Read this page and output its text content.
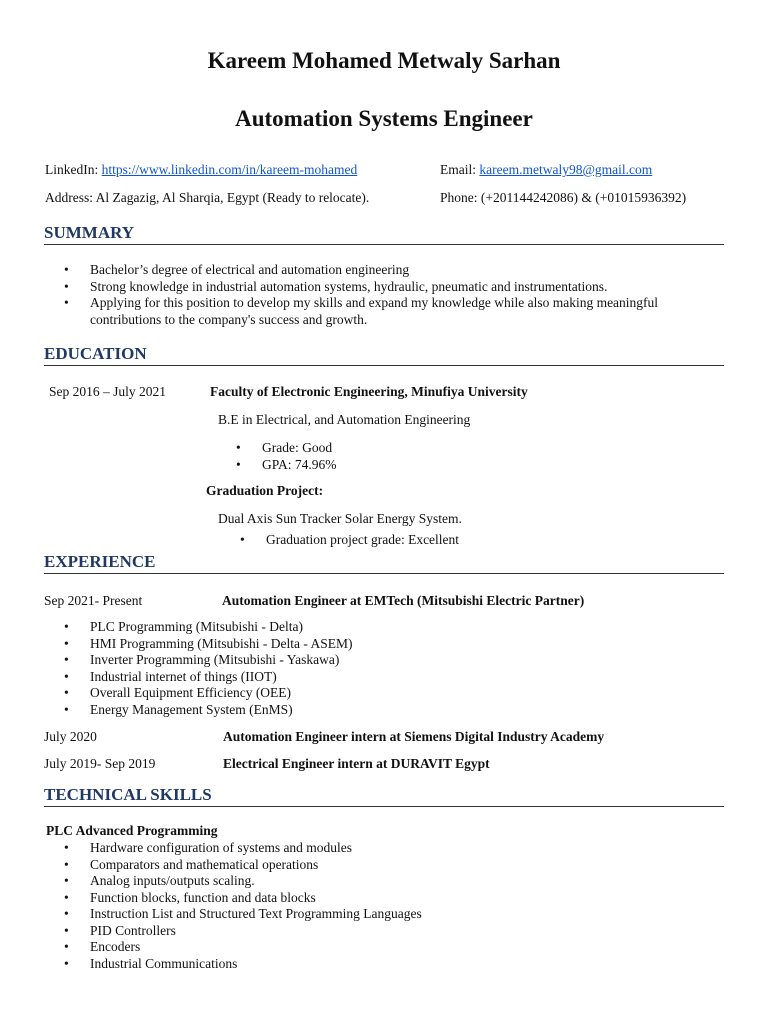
Kareem Mohamed Metwaly Sarhan
Automation Systems Engineer
LinkedIn: https://www.linkedin.com/in/kareem-mohamed	Email: kareem.metwaly98@gmail.com
Address: Al Zagazig, Al Sharqia, Egypt (Ready to relocate).	Phone: (+201144242086) & (+01015936392)
SUMMARY
•	Bachelor’s degree of electrical and automation engineering
•	Strong knowledge in industrial automation systems, hydraulic, pneumatic and instrumentations.
•	Applying for this position to develop my skills and expand my knowledge while also making meaningful contributions to the company's success and growth.
EDUCATION
Sep 2016 – July 2021	Faculty of Electronic Engineering, Minufiya University
B.E in Electrical, and Automation Engineering
•	Grade: Good
•	GPA: 74.96%
Graduation Project:
Dual Axis Sun Tracker Solar Energy System.
•	Graduation project grade: Excellent
EXPERIENCE
Sep 2021- Present	Automation Engineer at EMTech (Mitsubishi Electric Partner)
•	PLC Programming (Mitsubishi - Delta)
•	HMI Programming (Mitsubishi - Delta - ASEM)
•	Inverter Programming (Mitsubishi - Yaskawa)
•	Industrial internet of things (IIOT)
•	Overall Equipment Efficiency (OEE)
•	Energy Management System (EnMS)
July 2020	Automation Engineer intern at Siemens Digital Industry Academy
July 2019- Sep 2019	Electrical Engineer intern at DURAVIT Egypt
TECHNICAL SKILLS
PLC Advanced Programming
•	Hardware configuration of systems and modules
•	Comparators and mathematical operations
•	Analog inputs/outputs scaling.
•	Function blocks, function and data blocks
•	Instruction List and Structured Text Programming Languages
•	PID Controllers
•	Encoders
•	Industrial Communications
